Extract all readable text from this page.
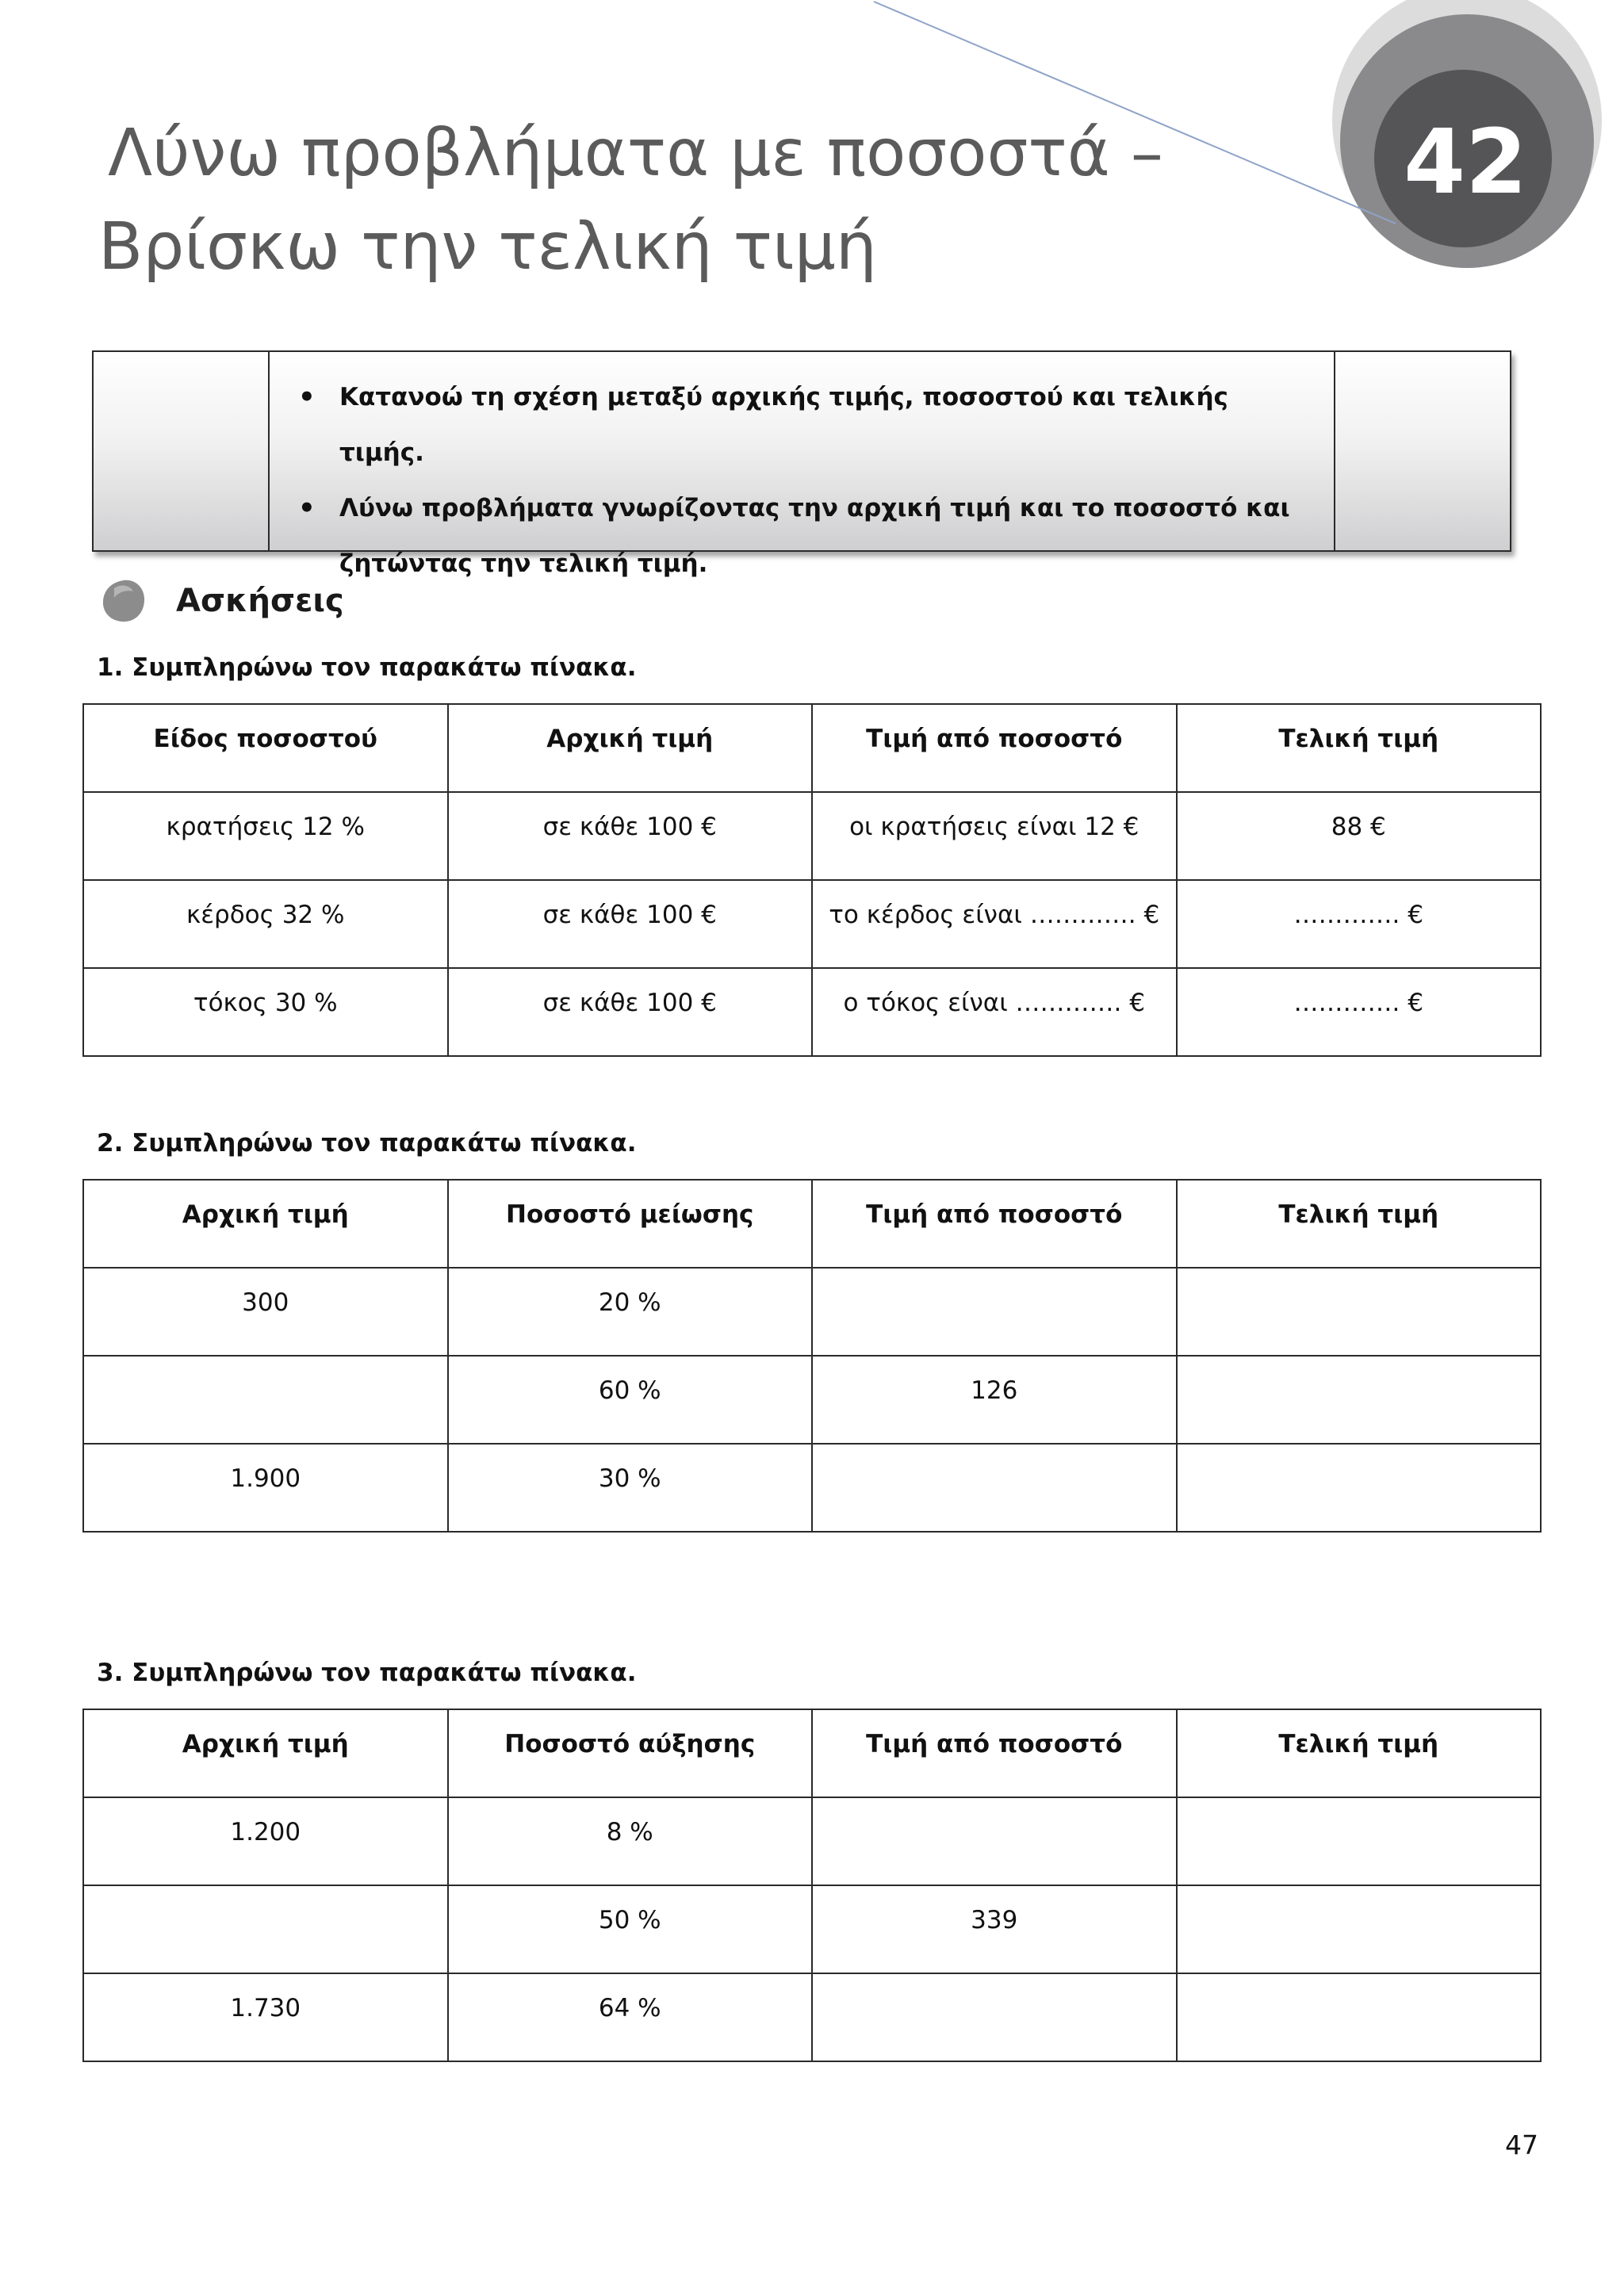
42
Λύνω προβλήματα με ποσοστά –
Βρίσκω την τελική τιμή
• Κατανοώ τη σχέση μεταξύ αρχικής τιμής, ποσοστού και τελικής τιμής.
• Λύνω προβλήματα γνωρίζοντας την αρχική τιμή και το ποσοστό και ζητώντας την τελική τιμή.
Ασκήσεις
1. Συμπληρώνω τον παρακάτω πίνακα.
Είδος ποσοστού	Αρχική τιμή	Τιμή από ποσοστό	Τελική τιμή
κρατήσεις 12 %	σε κάθε 100 €	οι κρατήσεις είναι 12 €	88 €
κέρδος 32 %	σε κάθε 100 €	το κέρδος είναι …………. €	…………. €
τόκος 30 %	σε κάθε 100 €	ο τόκος είναι …………. €	…………. €
2. Συμπληρώνω τον παρακάτω πίνακα.
Αρχική τιμή	Ποσοστό μείωσης	Τιμή από ποσοστό	Τελική τιμή
300	20 %		
	60 %	126	
1.900	30 %		
3. Συμπληρώνω τον παρακάτω πίνακα.
Αρχική τιμή	Ποσοστό αύξησης	Τιμή από ποσοστό	Τελική τιμή
1.200	8 %		
	50 %	339	
1.730	64 %		
47
